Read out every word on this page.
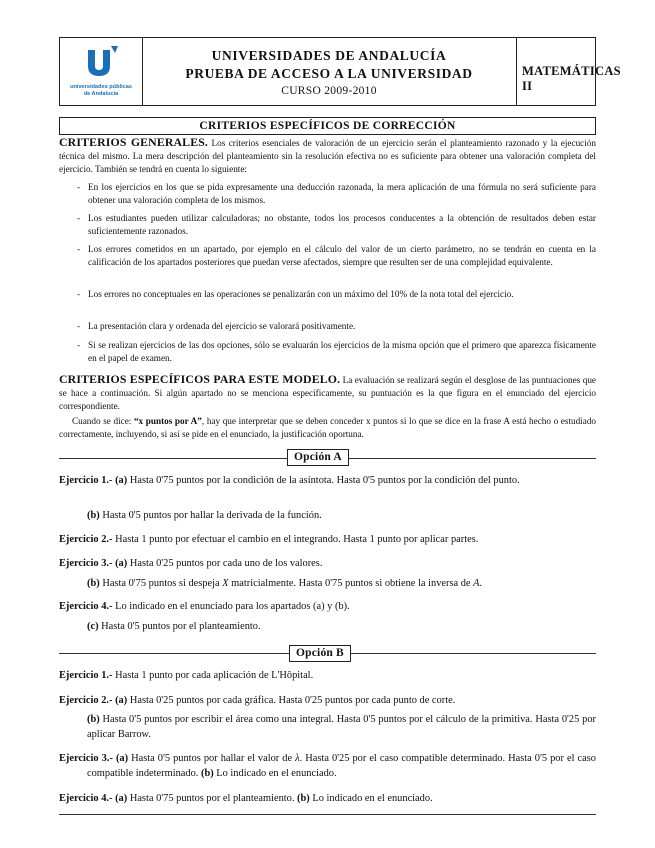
universidades públicas
de Andalucía
UNIVERSIDADES DE ANDALUCÍA
PRUEBA DE ACCESO A LA UNIVERSIDAD
CURSO 2009-2010
MATEMÁTICAS II
CRITERIOS ESPECÍFICOS DE CORRECCIÓN
CRITERIOS GENERALES. Los criterios esenciales de valoración de un ejercicio serán el planteamiento razonado y la ejecución técnica del mismo. La mera descripción del planteamiento sin la resolución efectiva no es suficiente para obtener una valoración completa del ejercicio. También se tendrá en cuenta lo siguiente:
- En los ejercicios en los que se pida expresamente una deducción razonada, la mera aplicación de una fórmula no será suficiente para obtener una valoración completa de los mismos.
- Los estudiantes pueden utilizar calculadoras; no obstante, todos los procesos conducentes a la obtención de resultados deben estar suficientemente razonados.
- Los errores cometidos en un apartado, por ejemplo en el cálculo del valor de un cierto parámetro, no se tendrán en cuenta en la calificación de los apartados posteriores que puedan verse afectados, siempre que resulten ser de una complejidad equivalente.
- Los errores no conceptuales en las operaciones se penalizarán con un máximo del 10% de la nota total del ejercicio.
- La presentación clara y ordenada del ejercicio se valorará positivamente.
- Si se realizan ejercicios de las dos opciones, sólo se evaluarán los ejercicios de la misma opción que el primero que aparezca físicamente en el papel de examen.
CRITERIOS ESPECÍFICOS PARA ESTE MODELO. La evaluación se realizará según el desglose de las puntuaciones que se hace a continuación. Si algún apartado no se menciona específicamente, su puntuación es la que figura en el enunciado del ejercicio correspondiente.
Cuando se dice: “x puntos por A”, hay que interpretar que se deben conceder x puntos si lo que se dice en la frase A está hecho o estudiado correctamente, incluyendo, si así se pide en el enunciado, la justificación oportuna.
Opción A
Ejercicio 1.- (a) Hasta 0'75 puntos por la condición de la asíntota. Hasta 0'5 puntos por la condición del punto.
(b) Hasta 0'5 puntos por hallar la derivada de la función.
Ejercicio 2.- Hasta 1 punto por efectuar el cambio en el integrando. Hasta 1 punto por aplicar partes.
Ejercicio 3.- (a) Hasta 0'25 puntos por cada uno de los valores.
(b) Hasta 0'75 puntos si despeja X matricialmente. Hasta 0'75 puntos si obtiene la inversa de A.
Ejercicio 4.- Lo indicado en el enunciado para los apartados (a) y (b).
(c) Hasta 0'5 puntos por el planteamiento.
Opción B
Ejercicio 1.- Hasta 1 punto por cada aplicación de L'Hôpital.
Ejercicio 2.- (a) Hasta 0'25 puntos por cada gráfica. Hasta 0'25 puntos por cada punto de corte.
(b) Hasta 0'5 puntos por escribir el área como una integral. Hasta 0'5 puntos por el cálculo de la primitiva. Hasta 0'25 por aplicar Barrow.
Ejercicio 3.- (a) Hasta 0'5 puntos por hallar el valor de λ. Hasta 0'25 por el caso compatible determinado. Hasta 0'5 por el caso compatible indeterminado. (b) Lo indicado en el enunciado.
Ejercicio 4.- (a) Hasta 0'75 puntos por el planteamiento. (b) Lo indicado en el enunciado.
